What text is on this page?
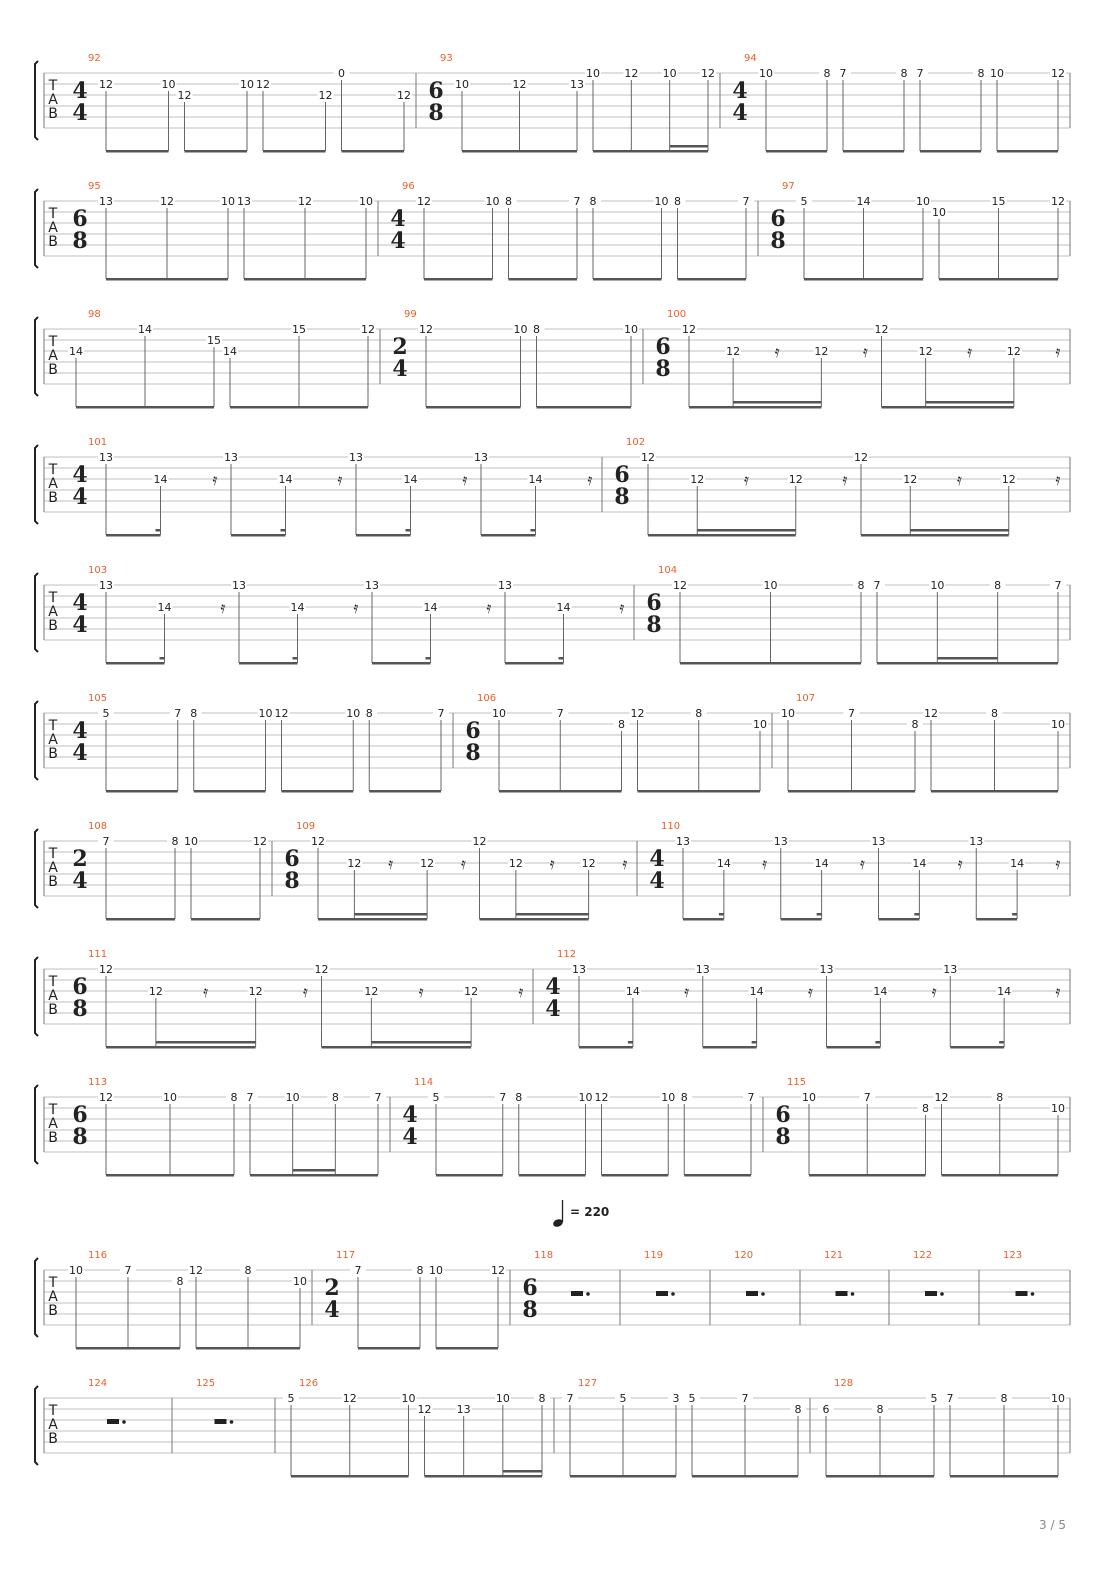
T
A
B
92
4
4
12	10
12
10 12
12
0
12
93
6
8
10	12	13
10 12 10 12
94
4
4
10	8 7	8 7	8 10	12
T
A
B
95
6
8
13	12	10 13	12	10
96
4
4
12	10 8	7 8	10 8	7
97
6
8
5	14	10
10
15	12
T
A
B
98
14
14
15
14
15	12
99
2
4
12	10 8	10
100
6
8
12
12 𝄿	12 𝄿
12
12 𝄿	12 𝄿
T
A
B
101
4
4
13
14	𝄿
13
14	𝄿
13
14	𝄿
13
14	𝄿
102
6
8
12
12 𝄿	12 𝄿
12
12 𝄿	12 𝄿
T
A
B
103
4
4
13
14	𝄿
13
14	𝄿
13
14	𝄿
13
14	𝄿
104
6
8
12	10	8 7	10	8	7
T
A
B
105
4
4
5	7 8	10 12	10 8	7
106
6
8
10	7
8
12	8
10
107
10	7
8
12	8
10
T
A
B
108
2
4
7	8 10	12
109
6
8
12
12 𝄿 12 𝄿
12
12 𝄿 12 𝄿
110
4
4
13
14 𝄿
13
14 𝄿
13
14 𝄿
13
14 𝄿
T
A
B
111
6
8
12
12	𝄿	12	𝄿
12
12	𝄿	12	𝄿
112
4
4
13
14	𝄿
13
14	𝄿
13
14	𝄿
13
14	𝄿
T
A
B
113
6
8
12	10	8 7	10	8	7
114
4
4
5	7 8	10 12	10 8	7
115
6
8
10	7
8
12	8
10
T
A
B
116
10	7
8
12	8
10
117
2
4
7	8 10	12
118
6
8
119	120	121	122	123
T
A
B
124	125	126
5	12	10
12 13
10	8
127
7	5	3 5	7
8
128
6	8
5 7	8	10
= 220
3 / 5
